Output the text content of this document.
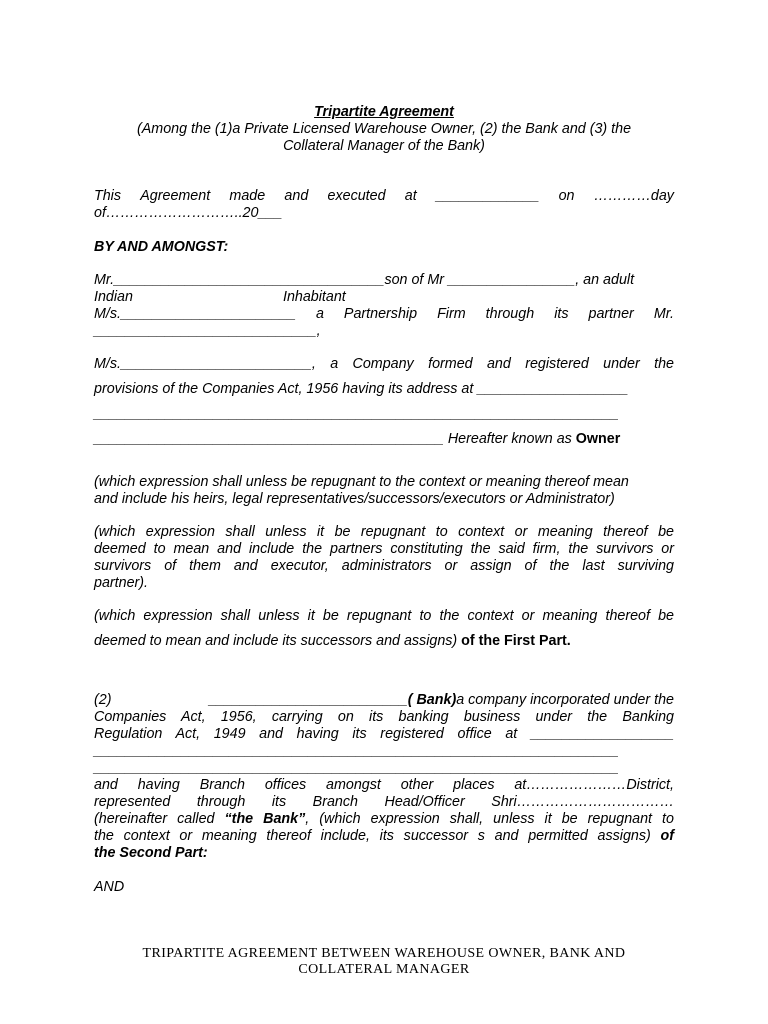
Tripartite Agreement
(Among the (1)a Private Licensed Warehouse Owner, (2) the Bank and (3) the
Collateral Manager of the Bank)
This Agreement made and executed at _____________ on …………day
of………………………..20___
BY AND AMONGST:
Mr.__________________________________son of Mr ________________, an adult
Indian	Inhabitant
M/s.______________________ a Partnership Firm through its partner Mr.
____________________________,
M/s.________________________, a Company formed and registered under the
provisions of the Companies Act, 1956 having its address at ___________________
__________________________________________________________________
____________________________________________ Hereafter known as Owner
(which expression shall unless be repugnant to the context or meaning thereof mean
and include his heirs, legal representatives/successors/executors or Administrator)
(which expression shall unless it be repugnant to context or meaning thereof be
deemed to mean and include the partners constituting the said firm, the survivors or
survivors of them and executor, administrators or assign of the last surviving
partner).
(which expression shall unless it be repugnant to the context or meaning thereof be
deemed to mean and include its successors and assigns) of the First Part.
(2)	_________________________( Bank)a company incorporated under the
Companies Act, 1956, carrying on its banking business under the Banking
Regulation Act, 1949 and having its registered office at __________________
__________________________________________________________________
__________________________________________________________________
and having Branch offices amongst other places at…………………District,
represented through its Branch Head/Officer Shri……………………………
(hereinafter called “the Bank”, (which expression shall, unless it be repugnant to
the context or meaning thereof include, its successor s and permitted assigns) of
the Second Part:
AND
TRIPARTITE AGREEMENT BETWEEN WAREHOUSE OWNER, BANK AND
COLLATERAL MANAGER
